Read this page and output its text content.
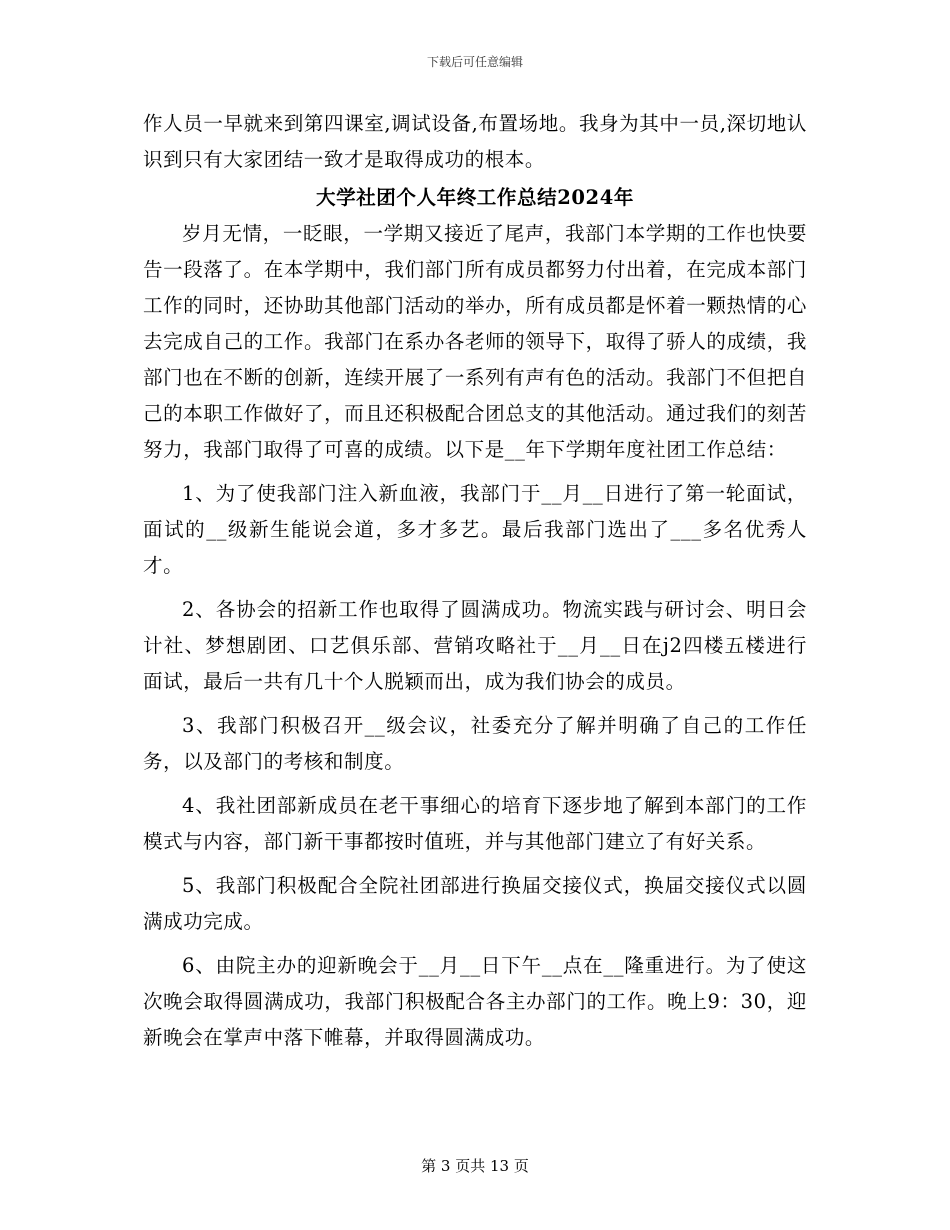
下载后可任意编辑

作人员一早就来到第四课室,调试设备,布置场地。我身为其中一员,深切地认识到只有大家团结一致才是取得成功的根本。

大学社团个人年终工作总结2024年

岁月无情，一眨眼，一学期又接近了尾声，我部门本学期的工作也快要告一段落了。在本学期中，我们部门所有成员都努力付出着，在完成本部门工作的同时，还协助其他部门活动的举办，所有成员都是怀着一颗热情的心去完成自己的工作。我部门在系办各老师的领导下，取得了骄人的成绩，我部门也在不断的创新，连续开展了一系列有声有色的活动。我部门不但把自己的本职工作做好了，而且还积极配合团总支的其他活动。通过我们的刻苦努力，我部门取得了可喜的成绩。以下是__年下学期年度社团工作总结：

1、为了使我部门注入新血液，我部门于__月__日进行了第一轮面试，面试的__级新生能说会道，多才多艺。最后我部门选出了___多名优秀人才。

2、各协会的招新工作也取得了圆满成功。物流实践与研讨会、明日会计社、梦想剧团、口艺俱乐部、营销攻略社于__月__日在j2四楼五楼进行面试，最后一共有几十个人脱颖而出，成为我们协会的成员。

3、我部门积极召开__级会议，社委充分了解并明确了自己的工作任务，以及部门的考核和制度。

4、我社团部新成员在老干事细心的培育下逐步地了解到本部门的工作模式与内容，部门新干事都按时值班，并与其他部门建立了有好关系。

5、我部门积极配合全院社团部进行换届交接仪式，换届交接仪式以圆满成功完成。

6、由院主办的迎新晚会于__月__日下午__点在__隆重进行。为了使这次晚会取得圆满成功，我部门积极配合各主办部门的工作。晚上9：30，迎新晚会在掌声中落下帷幕，并取得圆满成功。

第 3 页共 13 页
